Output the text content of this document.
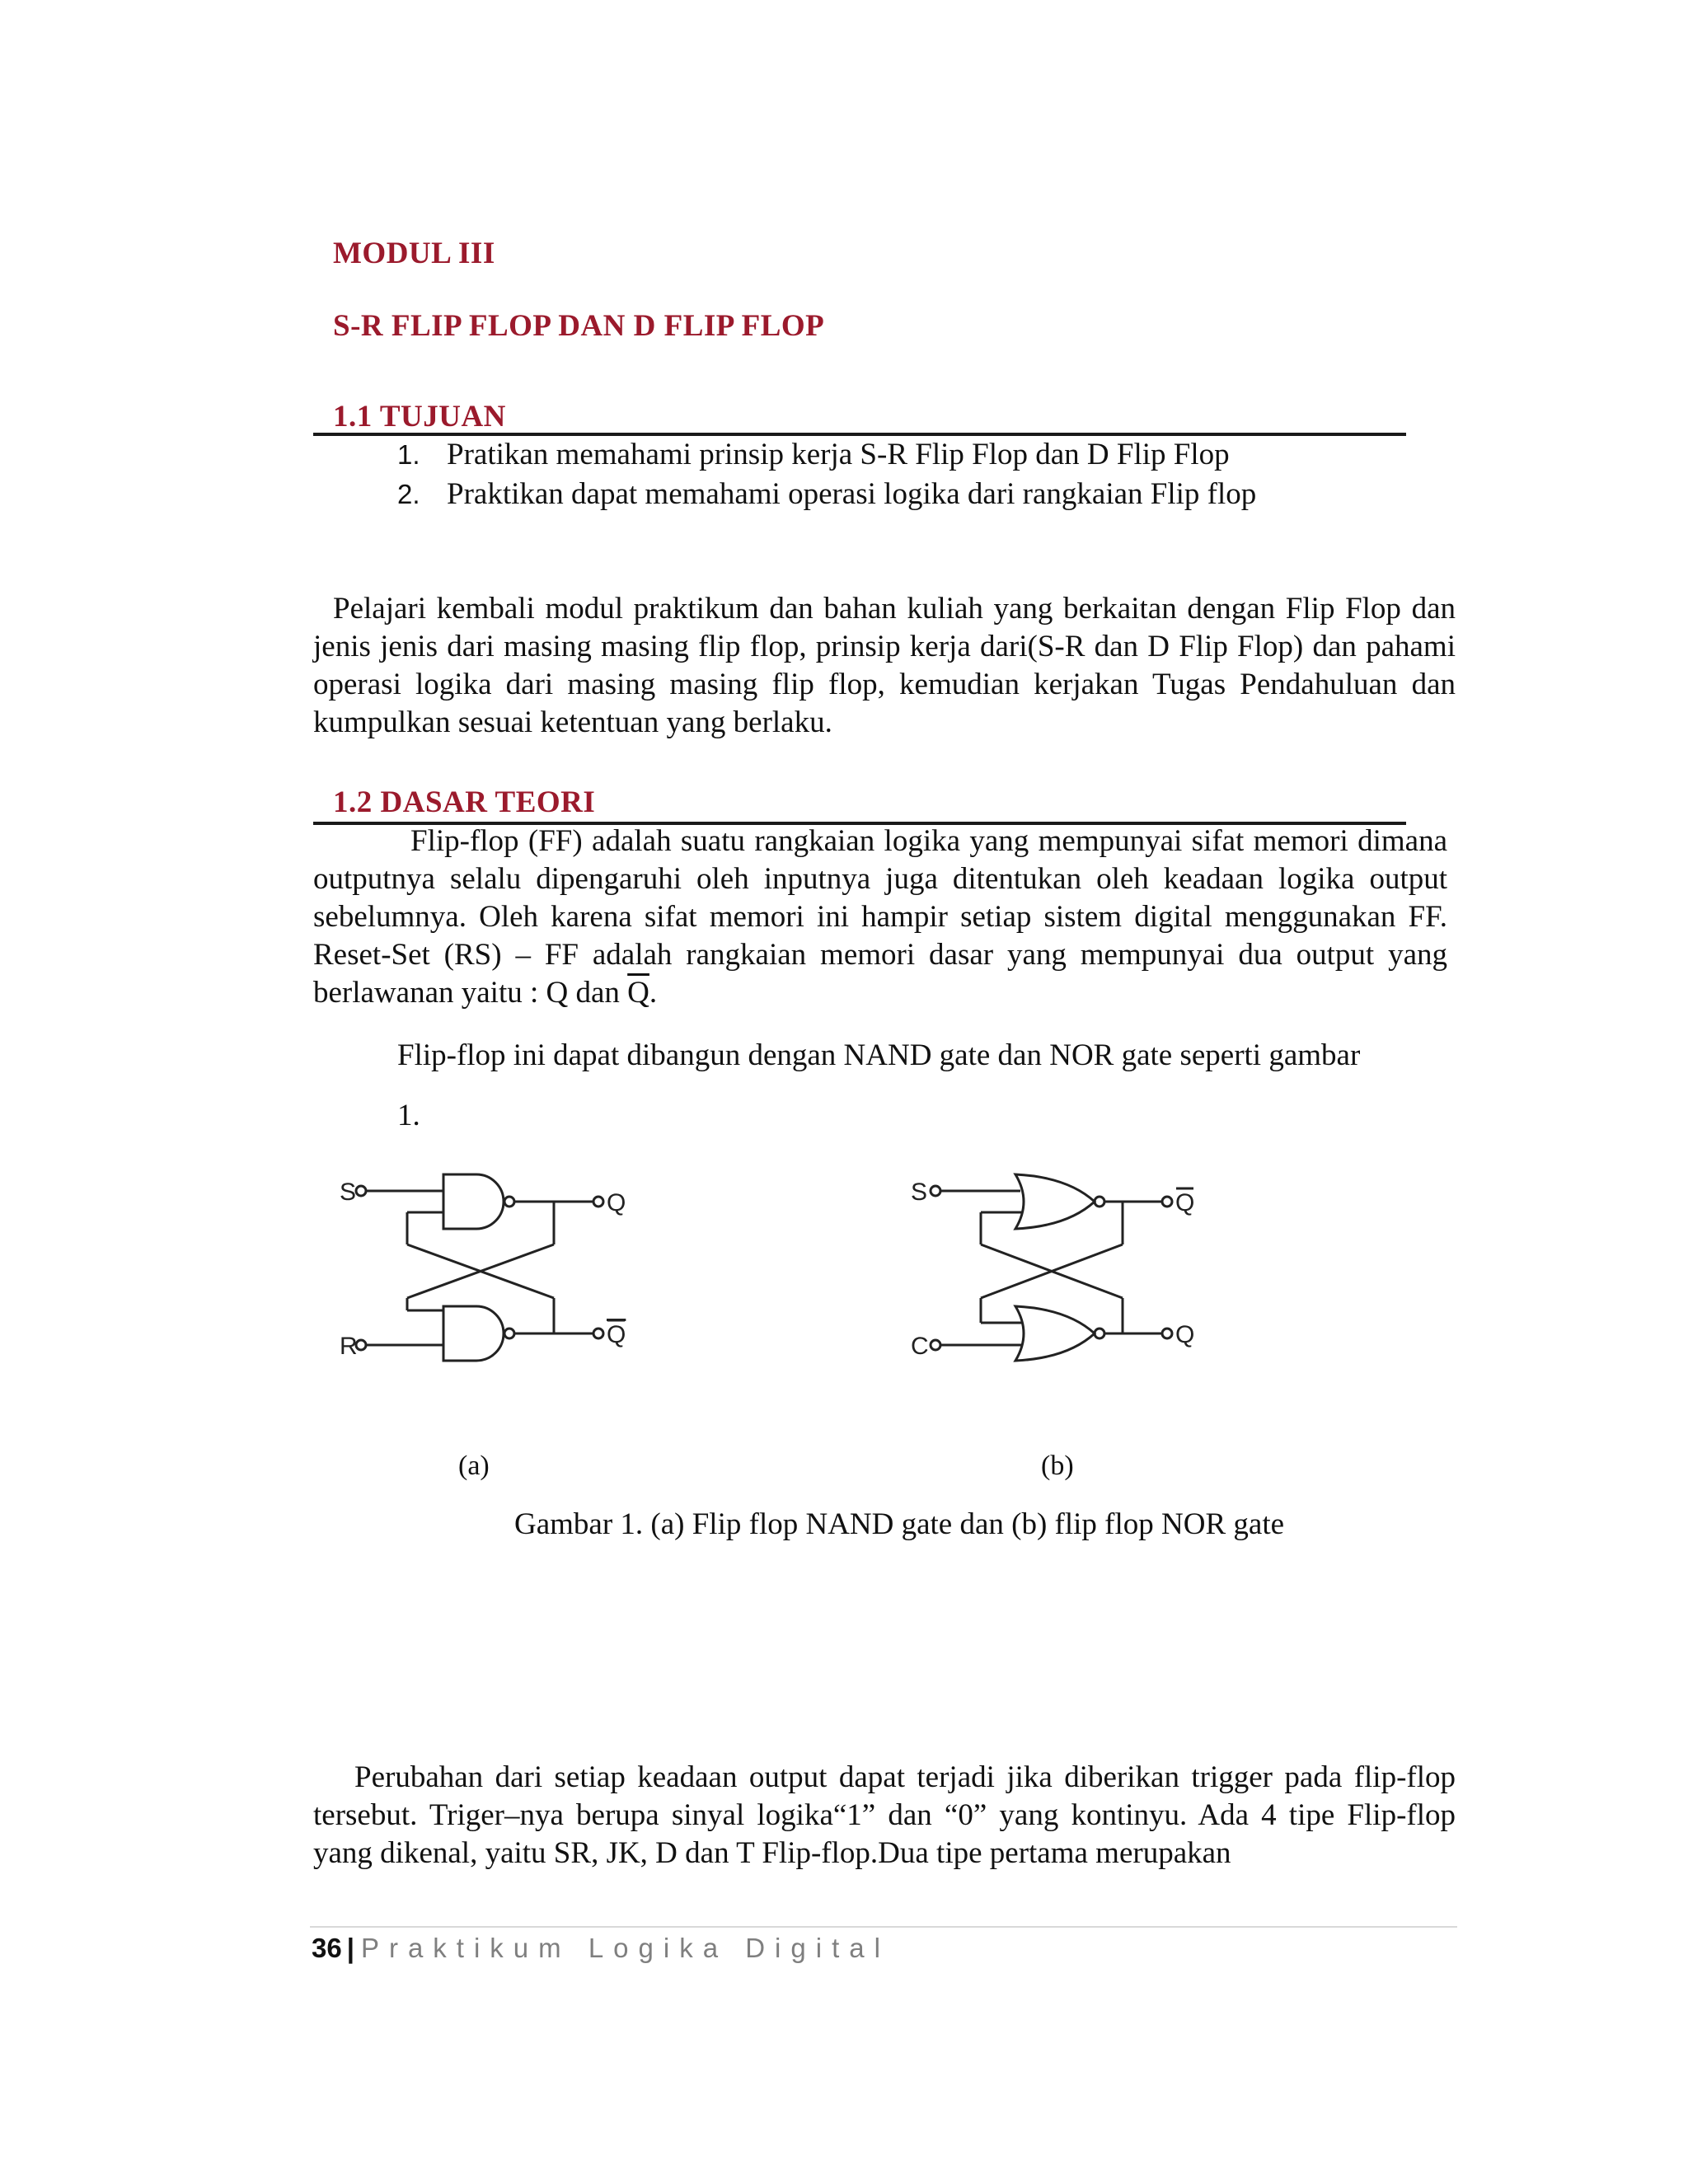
MODUL III
S-R FLIP FLOP DAN D FLIP FLOP
1.1 TUJUAN
1. Pratikan memahami prinsip kerja S-R Flip Flop dan D Flip Flop
2. Praktikan dapat memahami operasi logika dari rangkaian Flip flop

Pelajari kembali modul praktikum dan bahan kuliah yang berkaitan dengan Flip Flop dan jenis jenis dari masing masing flip flop, prinsip kerja dari(S-R dan D Flip Flop) dan pahami operasi logika dari masing masing flip flop, kemudian kerjakan Tugas Pendahuluan dan kumpulkan sesuai ketentuan yang berlaku.

1.2 DASAR TEORI

Flip-flop (FF) adalah suatu rangkaian logika yang mempunyai sifat memori dimana outputnya selalu dipengaruhi oleh inputnya juga ditentukan oleh keadaan logika output sebelumnya. Oleh karena sifat memori ini hampir setiap sistem digital menggunakan FF. Reset-Set (RS) – FF adalah rangkaian memori dasar yang mempunyai dua output yang berlawanan yaitu : Q dan $\overline{Q}$.

Flip-flop ini dapat dibangun dengan NAND gate dan NOR gate seperti gambar
1.
S
R
Q
Q
S
C
Q
Q
(a)	(b)
Gambar 1. (a) Flip flop NAND gate dan (b) flip flop NOR gate

Perubahan dari setiap keadaan output dapat terjadi jika diberikan trigger pada flip-flop tersebut. Triger–nya berupa sinyal logika“1” dan “0” yang kontinyu. Ada 4 tipe Flip-flop yang dikenal, yaitu SR, JK, D dan T Flip-flop.Dua tipe pertama merupakan

36 | Praktikum Logika Digital
